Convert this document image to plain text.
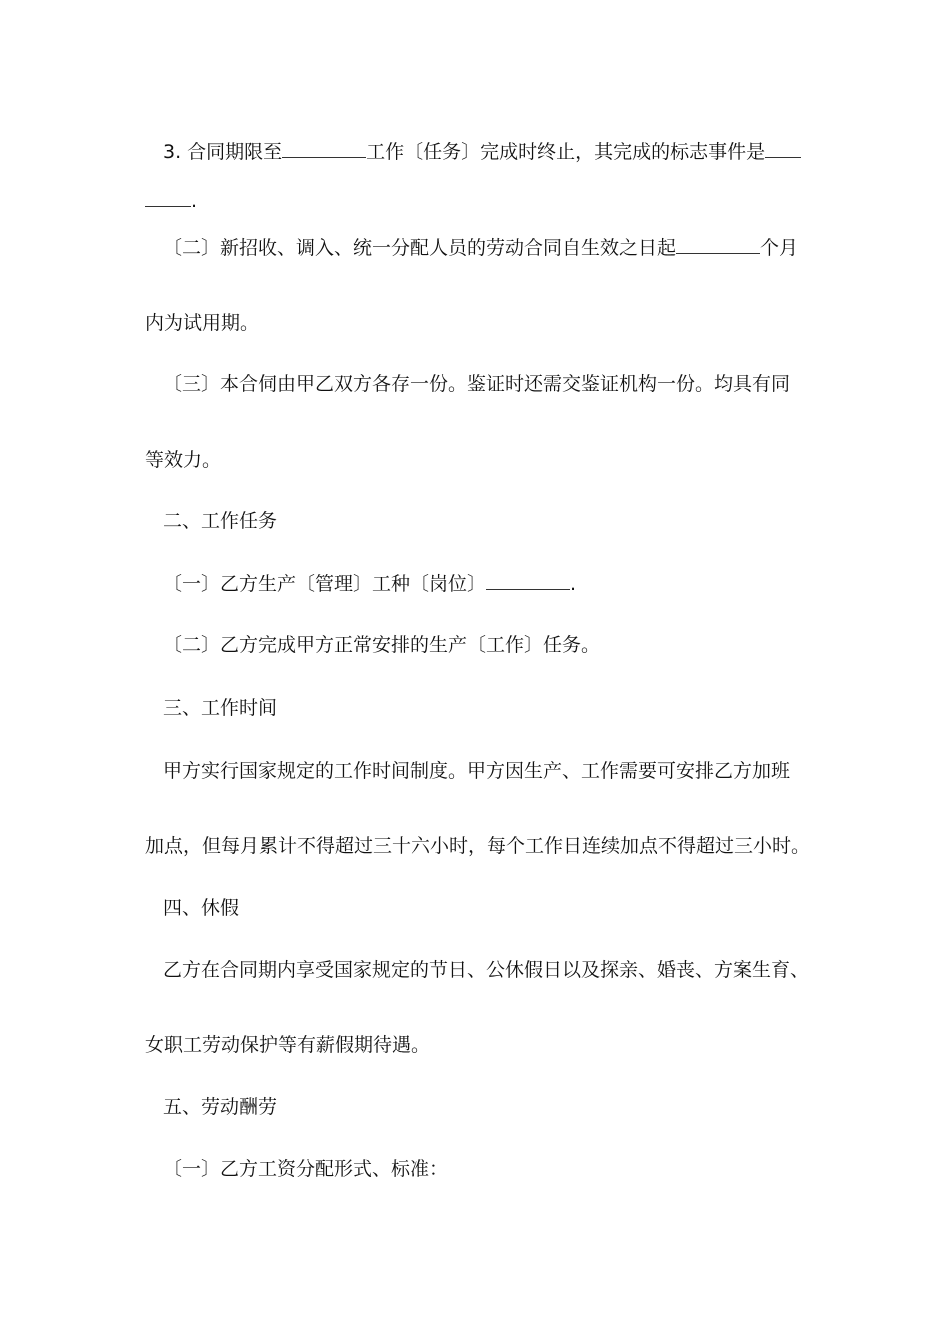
3. 合同期限至	工作〔任务〕完成时终止，其完成的标志事件是

.

〔二〕新招收、调入、统一分配人员的劳动合同自生效之日起	个月

内为试用期。

〔三〕本合伺由甲乙双方各存一份。鉴证时还需交鉴证机构一份。均具有同

等效力。

二、工作任务

〔一〕乙方生产〔管理〕工种〔岗位〕	.

〔二〕乙方完成甲方正常安排的生产〔工作〕任务。

三、工作时间

甲方实行国家规定的工作时间制度。甲方因生产、工作需要可安排乙方加班

加点，但每月累计不得超过三十六小时，每个工作日连续加点不得超过三小时。

四、休假

乙方在合同期内享受国家规定的节日、公休假日以及探亲、婚丧、方案生育、

女职工劳动保护等有薪假期待遇。

五、劳动酬劳

〔一〕乙方工资分配形式、标准：
